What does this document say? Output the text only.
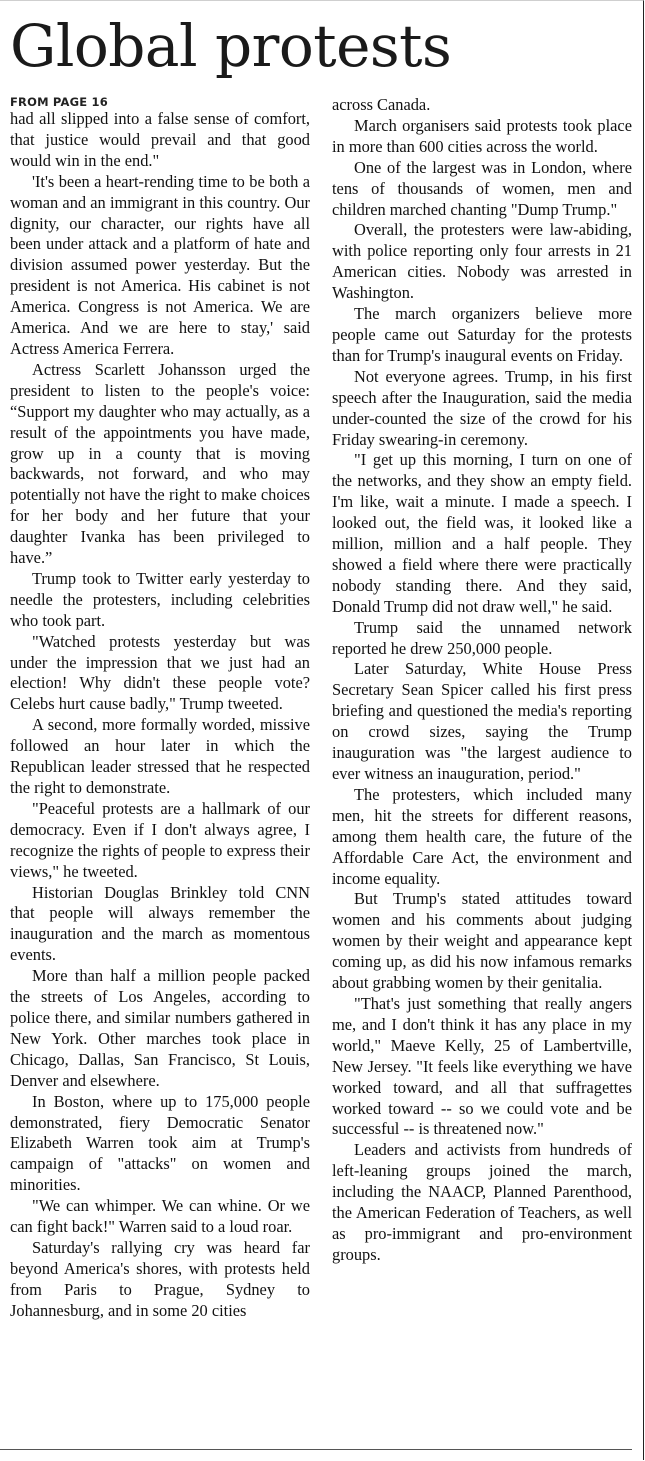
Global protests
FROM PAGE 16

had all slipped into a false sense of comfort, that justice would prevail and that good would win in the end."

'It's been a heart-rending time to be both a woman and an immigrant in this country. Our dignity, our character, our rights have all been under attack and a platform of hate and division assumed power yesterday. But the president is not America. His cabinet is not America. Congress is not America. We are America. And we are here to stay,' said Actress America Ferrera.

Actress Scarlett Johansson urged the president to listen to the people's voice: “Support my daughter who may actually, as a result of the appointments you have made, grow up in a county that is moving backwards, not forward, and who may potentially not have the right to make choices for her body and her future that your daughter Ivanka has been privileged to have.”

Trump took to Twitter early yesterday to needle the protesters, including celebrities who took part.

"Watched protests yesterday but was under the impression that we just had an election! Why didn't these people vote? Celebs hurt cause badly," Trump tweeted.

A second, more formally worded, missive followed an hour later in which the Republican leader stressed that he respected the right to demonstrate.

"Peaceful protests are a hallmark of our democracy. Even if I don't always agree, I recognize the rights of people to express their views," he tweeted.

Historian Douglas Brinkley told CNN that people will always remember the inauguration and the march as momentous events.

More than half a million people packed the streets of Los Angeles, according to police there, and similar numbers gathered in New York. Other marches took place in Chicago, Dallas, San Francisco, St Louis, Denver and elsewhere.

In Boston, where up to 175,000 people demonstrated, fiery Democratic Senator Elizabeth Warren took aim at Trump's campaign of "attacks" on women and minorities.

"We can whimper. We can whine. Or we can fight back!" Warren said to a loud roar.

Saturday's rallying cry was heard far beyond America's shores, with protests held from Paris to Prague, Sydney to Johannesburg, and in some 20 cities

across Canada.

March organisers said protests took place in more than 600 cities across the world.

One of the largest was in London, where tens of thousands of women, men and children marched chanting "Dump Trump."

Overall, the protesters were law-abiding, with police reporting only four arrests in 21 American cities. Nobody was arrested in Washington.

The march organizers believe more people came out Saturday for the protests than for Trump's inaugural events on Friday.

Not everyone agrees. Trump, in his first speech after the Inauguration, said the media under-counted the size of the crowd for his Friday swearing-in ceremony.

"I get up this morning, I turn on one of the networks, and they show an empty field. I'm like, wait a minute. I made a speech. I looked out, the field was, it looked like a million, million and a half people. They showed a field where there were practically nobody standing there. And they said, Donald Trump did not draw well," he said.

Trump said the unnamed network reported he drew 250,000 people.

Later Saturday, White House Press Secretary Sean Spicer called his first press briefing and questioned the media's reporting on crowd sizes, saying the Trump inauguration was "the largest audience to ever witness an inauguration, period."

The protesters, which included many men, hit the streets for different reasons, among them health care, the future of the Affordable Care Act, the environment and income equality.

But Trump's stated attitudes toward women and his comments about judging women by their weight and appearance kept coming up, as did his now infamous remarks about grabbing women by their genitalia.

"That's just something that really angers me, and I don't think it has any place in my world," Maeve Kelly, 25 of Lambertville, New Jersey. "It feels like everything we have worked toward, and all that suffragettes worked toward -- so we could vote and be successful -- is threatened now."

Leaders and activists from hundreds of left-leaning groups joined the march, including the NAACP, Planned Parenthood, the American Federation of Teachers, as well as pro-immigrant and pro-environment groups.
